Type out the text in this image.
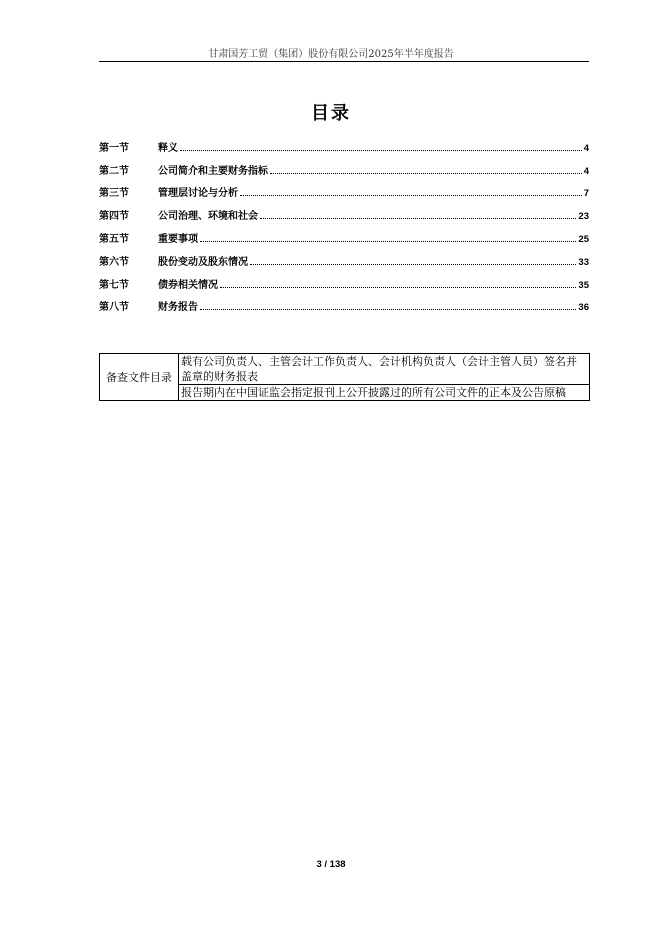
甘肃国芳工贸（集团）股份有限公司2025年半年度报告
目录
第一节	释义	4
第二节	公司简介和主要财务指标	4
第三节	管理层讨论与分析	7
第四节	公司治理、环境和社会	23
第五节	重要事项	25
第六节	股份变动及股东情况	33
第七节	债券相关情况	35
第八节	财务报告	36
备查文件目录	载有公司负责人、主管会计工作负责人、会计机构负责人（会计主管人员）签名并盖章的财务报表
报告期内在中国证监会指定报刊上公开披露过的所有公司文件的正本及公告原稿
3 / 138
